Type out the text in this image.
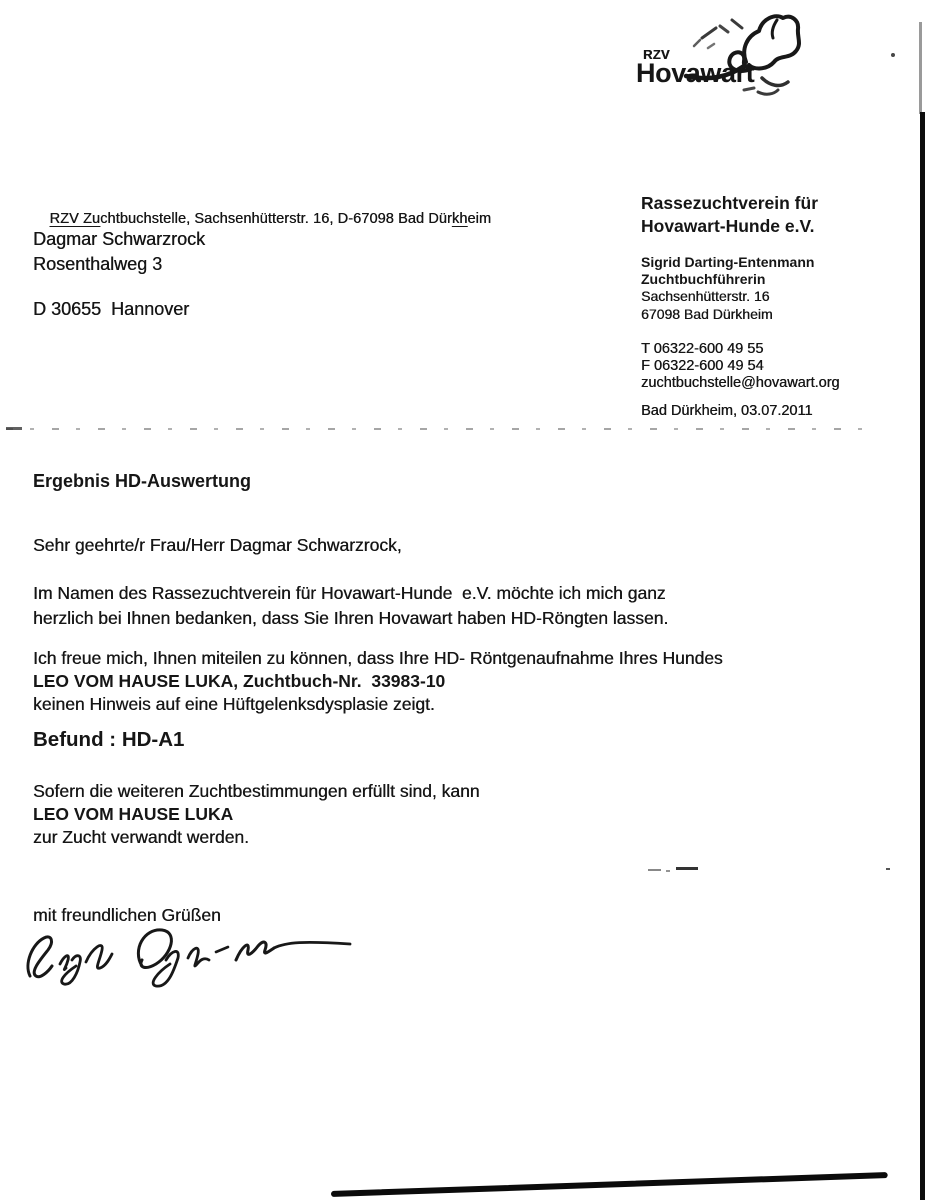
RZV
Hovawart

RZV Zuchtbuchstelle, Sachsenhütterstr. 16, D-67098 Bad Dürkheim

Dagmar Schwarzrock
Rosenthalweg 3
D 30655  Hannover
Rassezuchtverein für
Hovawart-Hunde e.V.
Sigrid Darting-Entenmann
Zuchtbuchführerin
Sachsenhütterstr. 16
67098 Bad Dürkheim
T 06322-600 49 55
F 06322-600 49 54
zuchtbuchstelle@hovawart.org
Bad Dürkheim, 03.07.2011
Ergebnis HD-Auswertung
Sehr geehrte/r Frau/Herr Dagmar Schwarzrock,
Im Namen des Rassezuchtverein für Hovawart-Hunde  e.V. möchte ich mich ganz
herzlich bei Ihnen bedanken, dass Sie Ihren Hovawart haben HD-Röngten lassen.
Ich freue mich, Ihnen miteilen zu können, dass Ihre HD- Röntgenaufnahme Ihres Hundes
LEO VOM HAUSE LUKA, Zuchtbuch-Nr.  33983-10
keinen Hinweis auf eine Hüftgelenksdysplasie zeigt.
Befund : HD-A1
Sofern die weiteren Zuchtbestimmungen erfüllt sind, kann
LEO VOM HAUSE LUKA
zur Zucht verwandt werden.
mit freundlichen Grüßen
